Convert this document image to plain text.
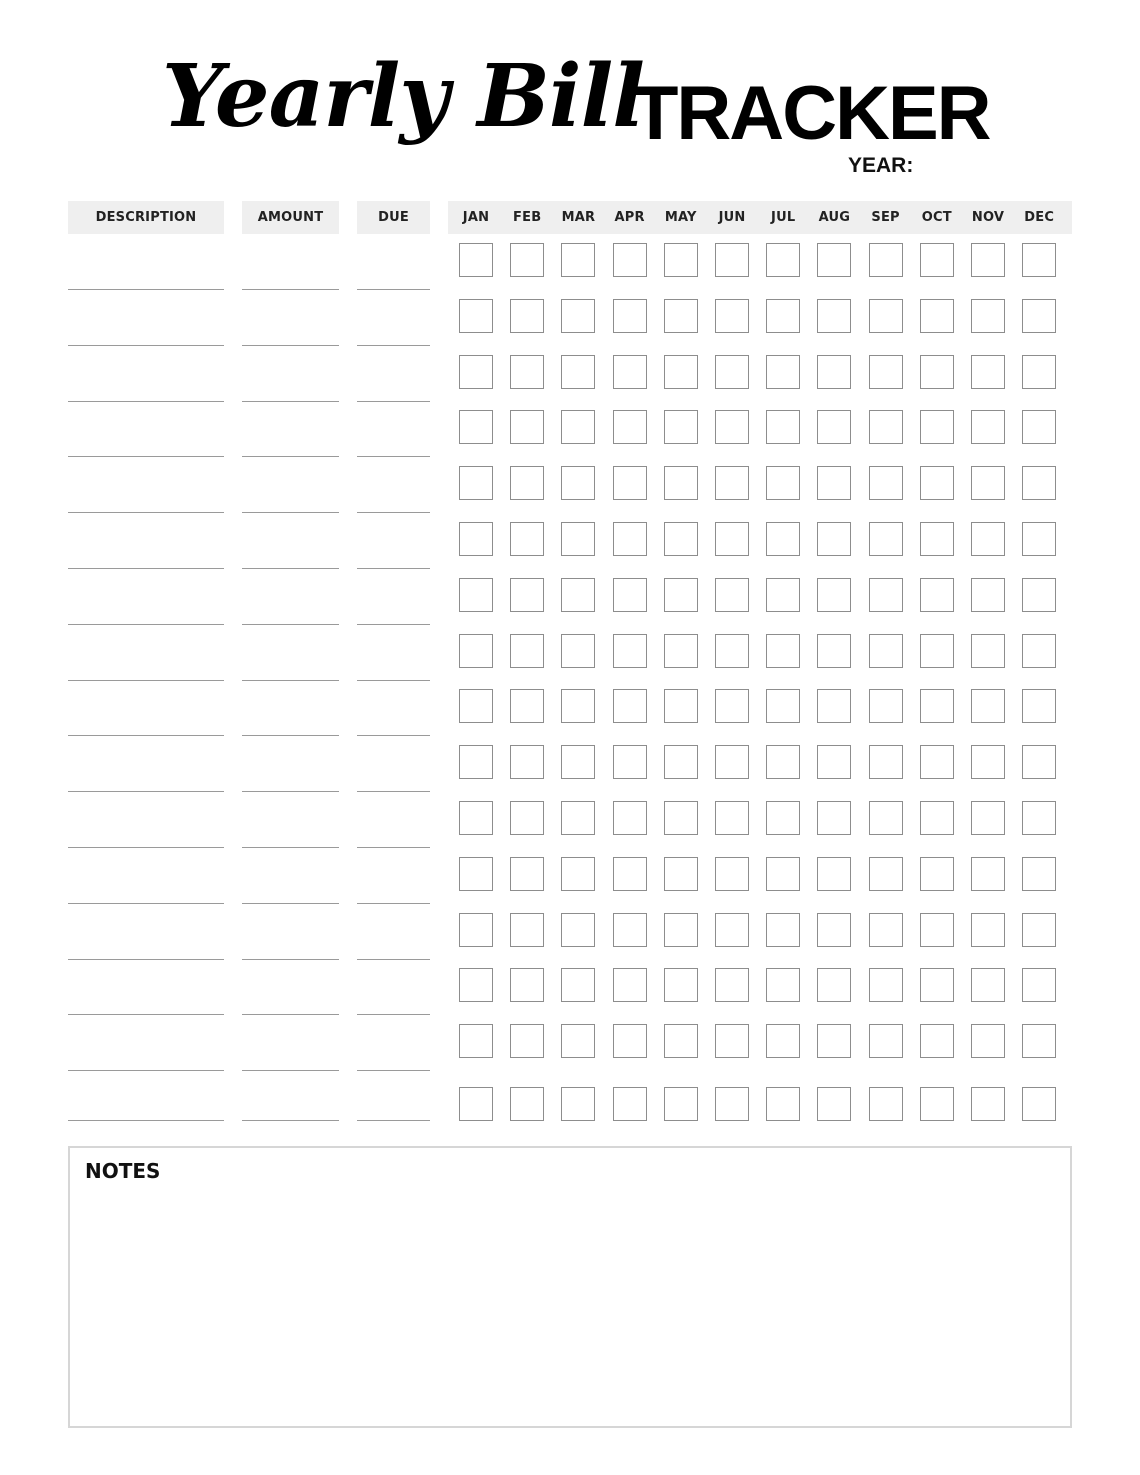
Yearly Bill
TRACKER
YEAR:
DESCRIPTION	AMOUNT	DUE	JAN	FEB	MAR	APR	MAY	JUN	JUL	AUG	SEP	OCT	NOV	DEC
NOTES
